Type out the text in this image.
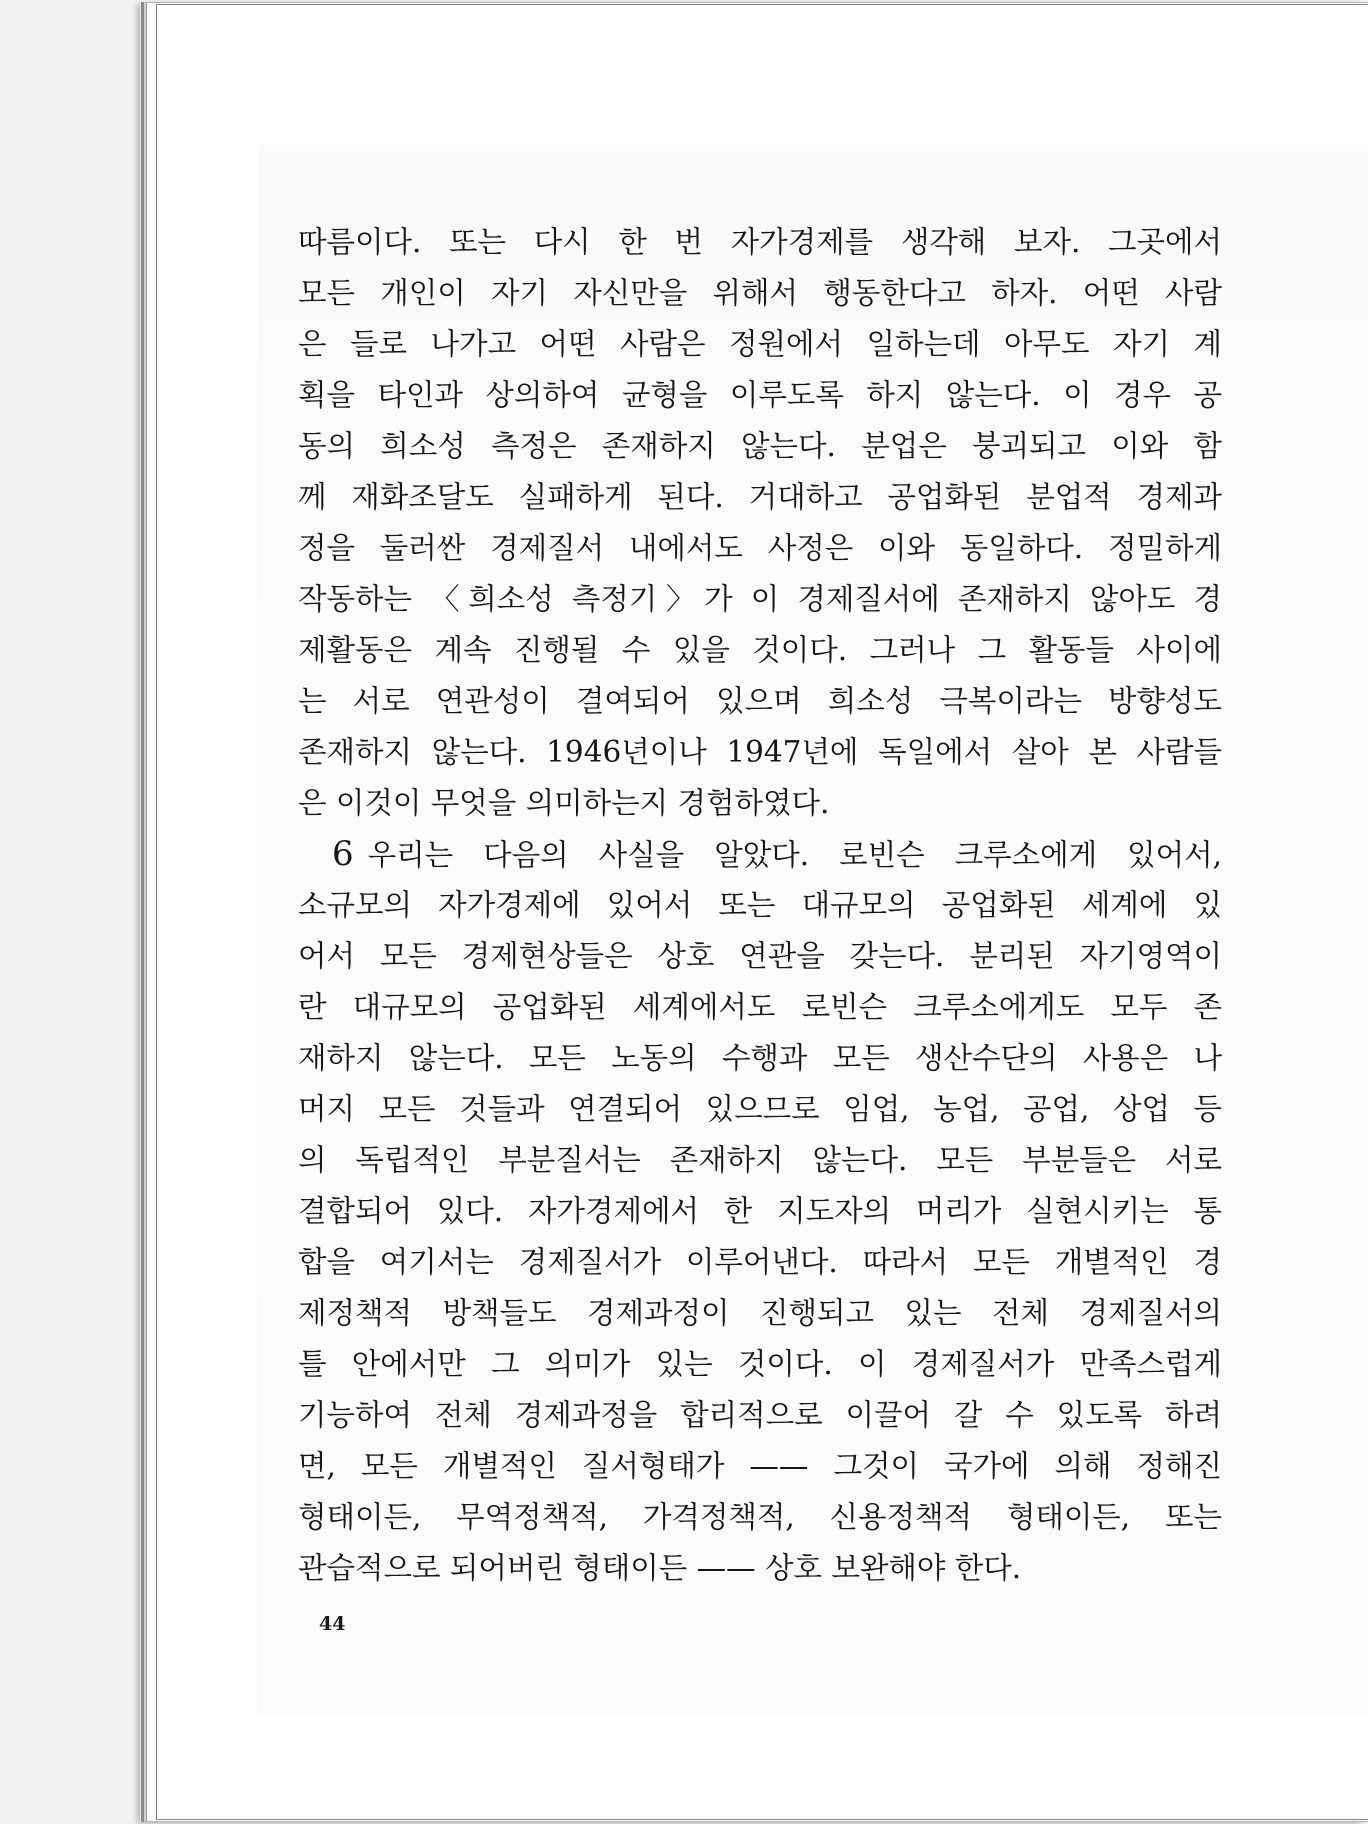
따름이다. 또는 다시 한 번 자가경제를 생각해 보자. 그곳에서
모든 개인이 자기 자신만을 위해서 행동한다고 하자. 어떤 사람
은 들로 나가고 어떤 사람은 정원에서 일하는데 아무도 자기 계
획을 타인과 상의하여 균형을 이루도록 하지 않는다. 이 경우 공
동의 희소성 측정은 존재하지 않는다. 분업은 붕괴되고 이와 함
께 재화조달도 실패하게 된다. 거대하고 공업화된 분업적 경제과
정을 둘러싼 경제질서 내에서도 사정은 이와 동일하다. 정밀하게
작동하는 〈희소성 측정기〉가 이 경제질서에 존재하지 않아도 경
제활동은 계속 진행될 수 있을 것이다. 그러나 그 활동들 사이에
는 서로 연관성이 결여되어 있으며 희소성 극복이라는 방향성도
존재하지 않는다. 1946년이나 1947년에 독일에서 살아 본 사람들
은 이것이 무엇을 의미하는지 경험하였다.
6 우리는 다음의 사실을 알았다. 로빈슨 크루소에게 있어서,
소규모의 자가경제에 있어서 또는 대규모의 공업화된 세계에 있
어서 모든 경제현상들은 상호 연관을 갖는다. 분리된 자기영역이
란 대규모의 공업화된 세계에서도 로빈슨 크루소에게도 모두 존
재하지 않는다. 모든 노동의 수행과 모든 생산수단의 사용은 나
머지 모든 것들과 연결되어 있으므로 임업, 농업, 공업, 상업 등
의 독립적인 부분질서는 존재하지 않는다. 모든 부분들은 서로
결합되어 있다. 자가경제에서 한 지도자의 머리가 실현시키는 통
합을 여기서는 경제질서가 이루어낸다. 따라서 모든 개별적인 경
제정책적 방책들도 경제과정이 진행되고 있는 전체 경제질서의
틀 안에서만 그 의미가 있는 것이다. 이 경제질서가 만족스럽게
기능하여 전체 경제과정을 합리적으로 이끌어 갈 수 있도록 하려
면, 모든 개별적인 질서형태가 —— 그것이 국가에 의해 정해진
형태이든, 무역정책적, 가격정책적, 신용정책적 형태이든, 또는
관습적으로 되어버린 형태이든 —— 상호 보완해야 한다.
44
